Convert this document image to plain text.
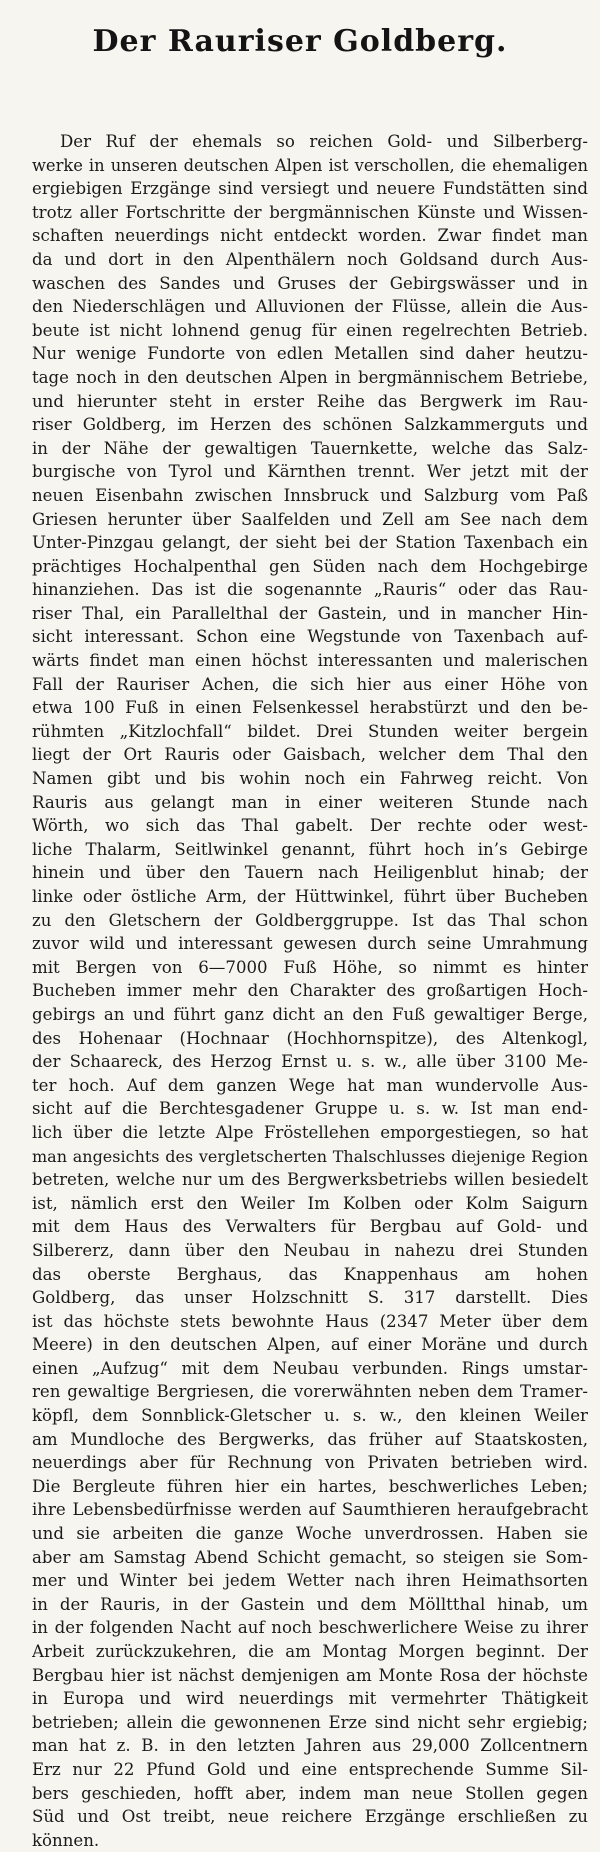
Der Rauriser Goldberg.
Der Ruf der ehemals so reichen Gold- und Silberberg-
werke in unseren deutschen Alpen ist verschollen, die ehemaligen
ergiebigen Erzgänge sind versiegt und neuere Fundstätten sind
trotz aller Fortschritte der bergmännischen Künste und Wissen-
schaften neuerdings nicht entdeckt worden. Zwar findet man
da und dort in den Alpenthälern noch Goldsand durch Aus-
waschen des Sandes und Gruses der Gebirgswässer und in
den Niederschlägen und Alluvionen der Flüsse, allein die Aus-
beute ist nicht lohnend genug für einen regelrechten Betrieb.
Nur wenige Fundorte von edlen Metallen sind daher heutzu-
tage noch in den deutschen Alpen in bergmännischem Betriebe,
und hierunter steht in erster Reihe das Bergwerk im Rau-
riser Goldberg, im Herzen des schönen Salzkammerguts und
in der Nähe der gewaltigen Tauernkette, welche das Salz-
burgische von Tyrol und Kärnthen trennt. Wer jetzt mit der
neuen Eisenbahn zwischen Innsbruck und Salzburg vom Paß
Griesen herunter über Saalfelden und Zell am See nach dem
Unter-Pinzgau gelangt, der sieht bei der Station Taxenbach ein
prächtiges Hochalpenthal gen Süden nach dem Hochgebirge
hinanziehen. Das ist die sogenannte „Rauris“ oder das Rau-
riser Thal, ein Parallelthal der Gastein, und in mancher Hin-
sicht interessant. Schon eine Wegstunde von Taxenbach auf-
wärts findet man einen höchst interessanten und malerischen
Fall der Rauriser Achen, die sich hier aus einer Höhe von
etwa 100 Fuß in einen Felsenkessel herabstürzt und den be-
rühmten „Kitzlochfall“ bildet. Drei Stunden weiter bergein
liegt der Ort Rauris oder Gaisbach, welcher dem Thal den
Namen gibt und bis wohin noch ein Fahrweg reicht. Von
Rauris aus gelangt man in einer weiteren Stunde nach
Wörth, wo sich das Thal gabelt. Der rechte oder west-
liche Thalarm, Seitlwinkel genannt, führt hoch in’s Gebirge
hinein und über den Tauern nach Heiligenblut hinab; der
linke oder östliche Arm, der Hüttwinkel, führt über Bucheben
zu den Gletschern der Goldberggruppe. Ist das Thal schon
zuvor wild und interessant gewesen durch seine Umrahmung
mit Bergen von 6—7000 Fuß Höhe, so nimmt es hinter
Bucheben immer mehr den Charakter des großartigen Hoch-
gebirgs an und führt ganz dicht an den Fuß gewaltiger Berge,
des Hohenaar (Hochnaar (Hochhornspitze), des Altenkogl,
der Schaareck, des Herzog Ernst u. s. w., alle über 3100 Me-
ter hoch. Auf dem ganzen Wege hat man wundervolle Aus-
sicht auf die Berchtesgadener Gruppe u. s. w. Ist man end-
lich über die letzte Alpe Fröstellehen emporgestiegen, so hat
man angesichts des vergletscherten Thalschlusses diejenige Region
betreten, welche nur um des Bergwerksbetriebs willen besiedelt
ist, nämlich erst den Weiler Im Kolben oder Kolm Saigurn
mit dem Haus des Verwalters für Bergbau auf Gold- und
Silbererz, dann über den Neubau in nahezu drei Stunden
das oberste Berghaus, das Knappenhaus am hohen
Goldberg, das unser Holzschnitt S. 317 darstellt. Dies
ist das höchste stets bewohnte Haus (2347 Meter über dem
Meere) in den deutschen Alpen, auf einer Moräne und durch
einen „Aufzug“ mit dem Neubau verbunden. Rings umstar-
ren gewaltige Bergriesen, die vorerwähnten neben dem Tramer-
köpfl, dem Sonnblick-Gletscher u. s. w., den kleinen Weiler
am Mundloche des Bergwerks, das früher auf Staatskosten,
neuerdings aber für Rechnung von Privaten betrieben wird.
Die Bergleute führen hier ein hartes, beschwerliches Leben;
ihre Lebensbedürfnisse werden auf Saumthieren heraufgebracht
und sie arbeiten die ganze Woche unverdrossen. Haben sie
aber am Samstag Abend Schicht gemacht, so steigen sie Som-
mer und Winter bei jedem Wetter nach ihren Heimathsorten
in der Rauris, in der Gastein und dem Mölltthal hinab, um
in der folgenden Nacht auf noch beschwerlichere Weise zu ihrer
Arbeit zurückzukehren, die am Montag Morgen beginnt. Der
Bergbau hier ist nächst demjenigen am Monte Rosa der höchste
in Europa und wird neuerdings mit vermehrter Thätigkeit
betrieben; allein die gewonnenen Erze sind nicht sehr ergiebig;
man hat z. B. in den letzten Jahren aus 29,000 Zollcentnern
Erz nur 22 Pfund Gold und eine entsprechende Summe Sil-
bers geschieden, hofft aber, indem man neue Stollen gegen
Süd und Ost treibt, neue reichere Erzgänge erschließen zu
können.
